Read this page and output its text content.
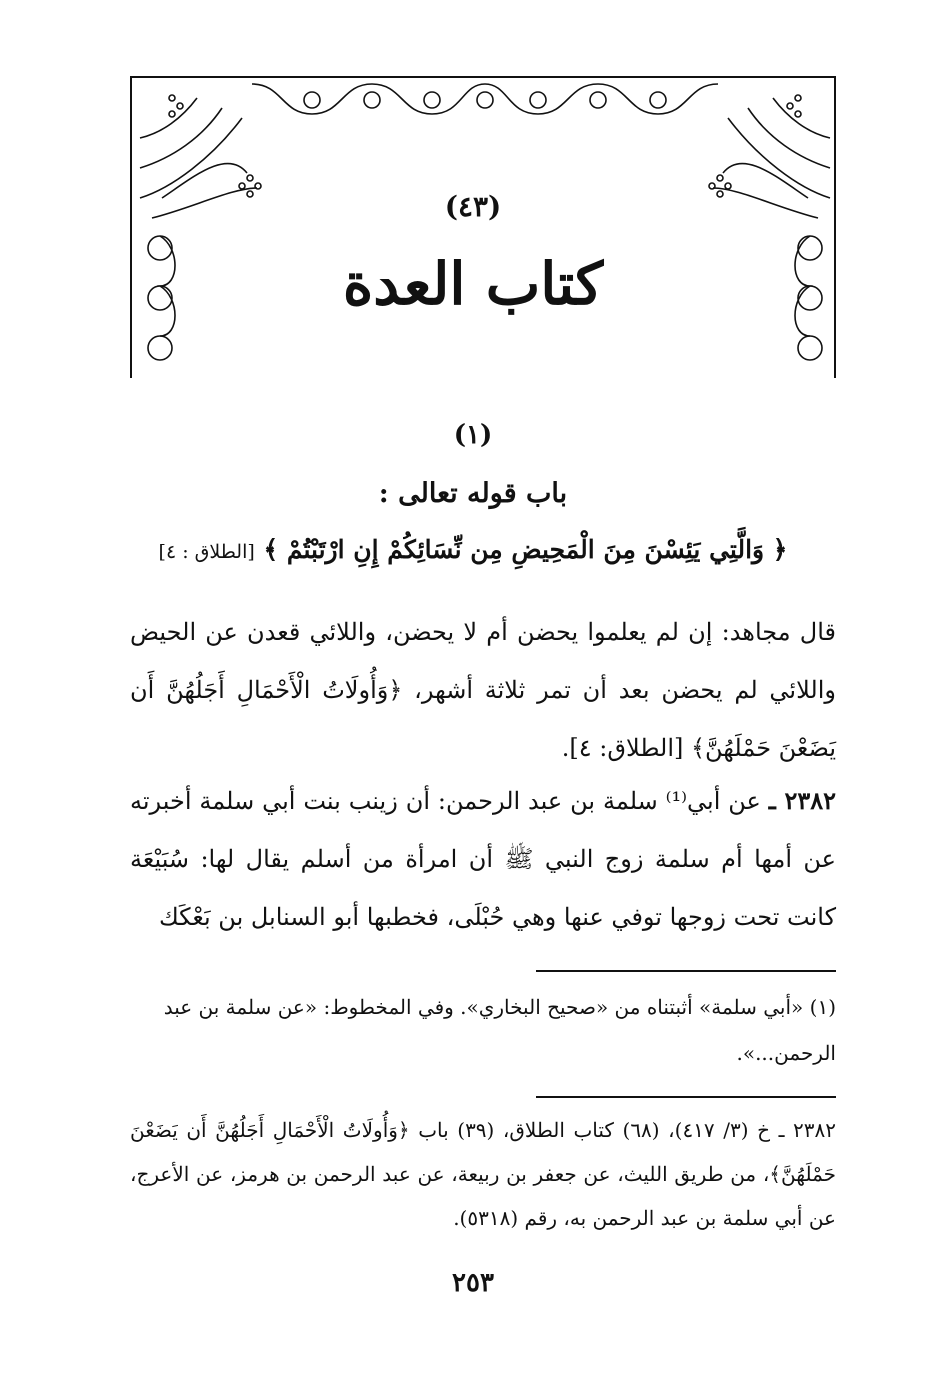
(٤٣)
كتاب العدة
(١)
باب قوله تعالى :
﴿ وَالَّتِي يَئِسْنَ مِنَ الْمَحِيضِ مِن نِّسَائِكُمْ إِنِ ارْتَبْتُمْ ﴾ [الطلاق : ٤]
قال مجاهد: إن لم يعلموا يحضن أم لا يحضن، واللائي قعدن عن الحيض واللائي لم يحضن بعد أن تمر ثلاثة أشهر، ﴿وَأُولَاتُ الْأَحْمَالِ أَجَلُهُنَّ أَن يَضَعْنَ حَمْلَهُنَّ﴾ [الطلاق: ٤].
٢٣٨٢ ـ عن أبي⁽¹⁾ سلمة بن عبد الرحمن: أن زينب بنت أبي سلمة أخبرته عن أمها أم سلمة زوج النبي ﷺ أن امرأة من أسلم يقال لها: سُبَيْعَة كانت تحت زوجها توفي عنها وهي حُبْلَى، فخطبها أبو السنابل بن بَعْكَك
(١) «أبي سلمة» أثبتناه من «صحيح البخاري». وفي المخطوط: «عن سلمة بن عبد الرحمن...».
٢٣٨٢ ـ خ (٣/ ٤١٧)، (٦٨) كتاب الطلاق، (٣٩) باب ﴿وَأُولَاتُ الْأَحْمَالِ أَجَلُهُنَّ أَن يَضَعْنَ حَمْلَهُنَّ﴾، من طريق الليث، عن جعفر بن ربيعة، عن عبد الرحمن بن هرمز، عن الأعرج، عن أبي سلمة بن عبد الرحمن به، رقم (٥٣١٨).
٢٥٣
